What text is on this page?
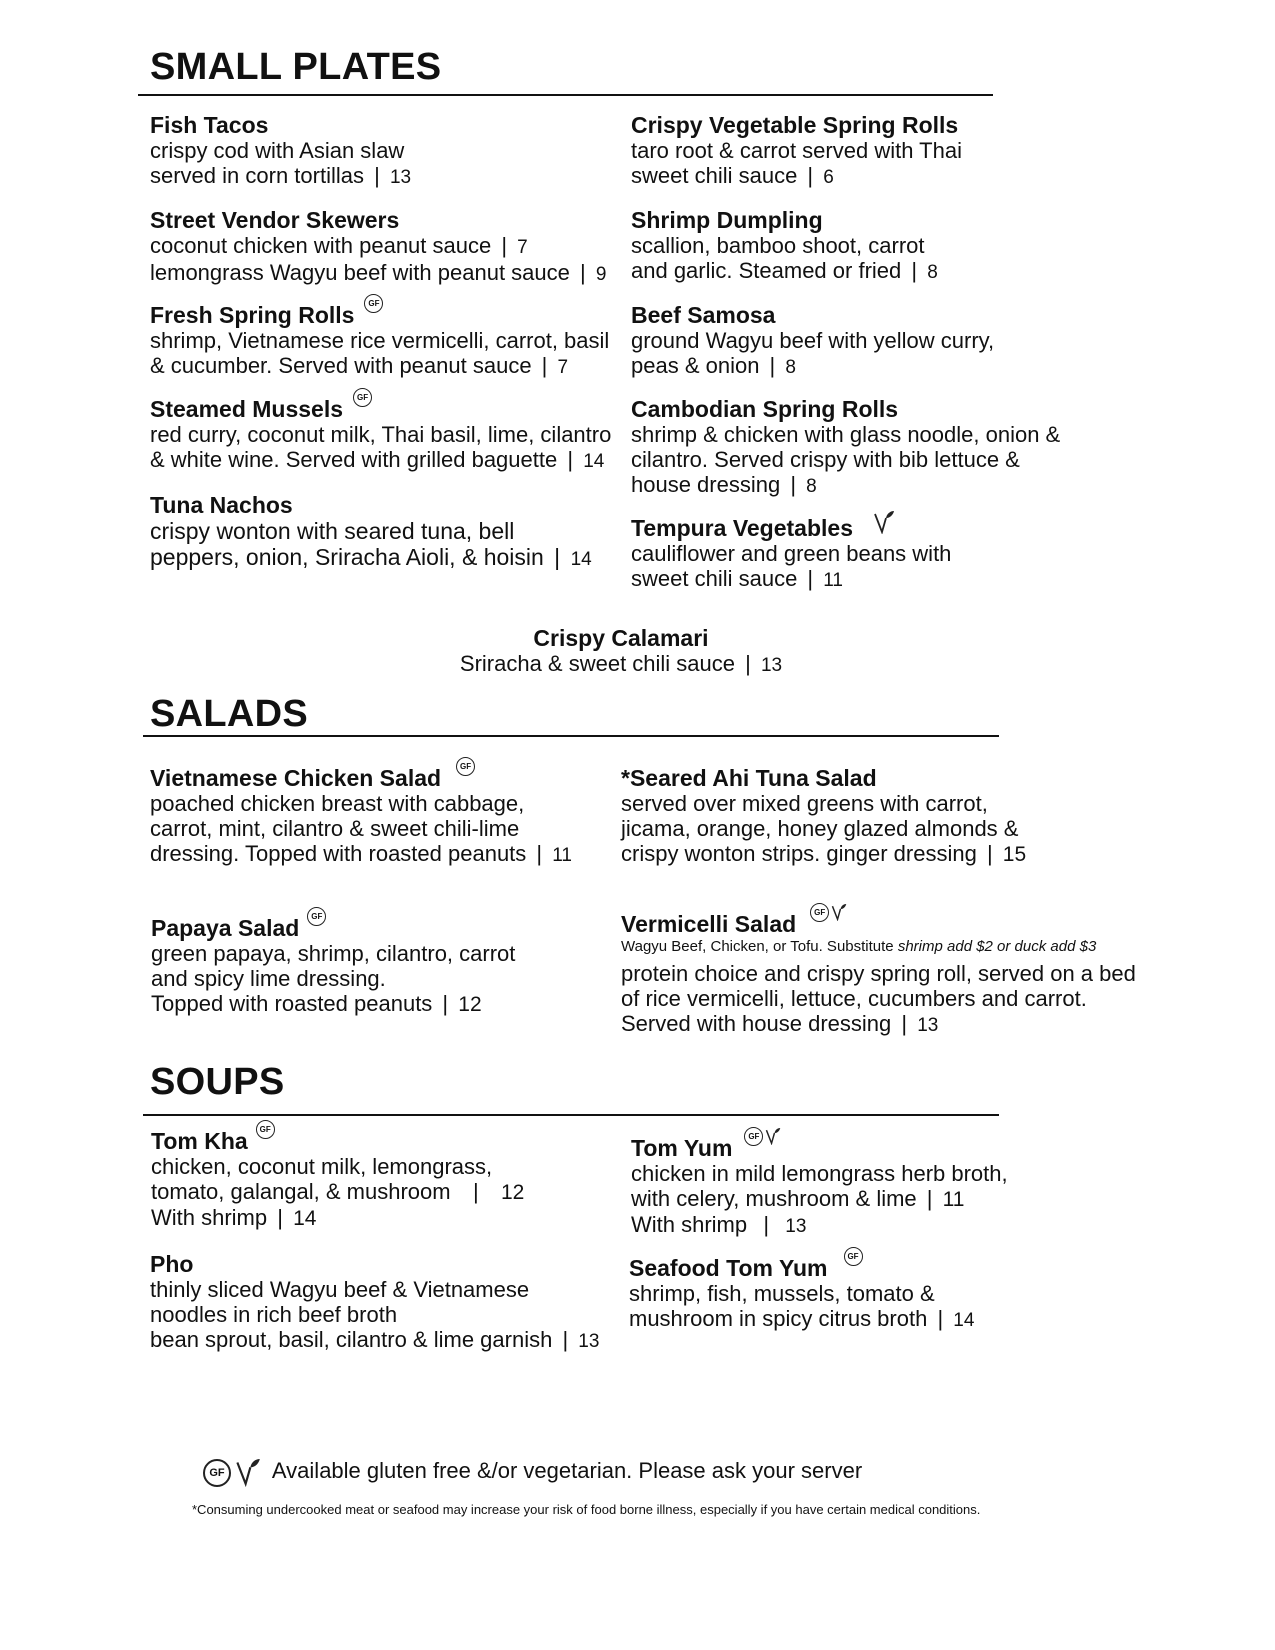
SMALL PLATES
Fish Tacos
crispy cod with Asian slaw
served in corn tortillas | 13
Street Vendor Skewers
coconut chicken with peanut sauce | 7
lemongrass Wagyu beef with peanut sauce | 9
Fresh Spring Rolls GF
shrimp, Vietnamese rice vermicelli, carrot, basil
& cucumber. Served with peanut sauce | 7
Steamed Mussels GF
red curry, coconut milk, Thai basil, lime, cilantro
& white wine. Served with grilled baguette | 14
Tuna Nachos
crispy wonton with seared tuna, bell
peppers, onion, Sriracha Aioli, & hoisin | 14
Crispy Vegetable Spring Rolls
taro root & carrot served with Thai
sweet chili sauce | 6
Shrimp Dumpling
scallion, bamboo shoot, carrot
and garlic. Steamed or fried | 8
Beef Samosa
ground Wagyu beef with yellow curry,
peas & onion | 8
Cambodian Spring Rolls
shrimp & chicken with glass noodle, onion &
cilantro. Served crispy with bib lettuce &
house dressing | 8
Tempura Vegetables
cauliflower and green beans with
sweet chili sauce | 11
Crispy Calamari
Sriracha & sweet chili sauce | 13
SALADS
Vietnamese Chicken Salad GF
poached chicken breast with cabbage,
carrot, mint, cilantro & sweet chili-lime
dressing. Topped with roasted peanuts | 11
*Seared Ahi Tuna Salad
served over mixed greens with carrot,
jicama, orange, honey glazed almonds &
crispy wonton strips. ginger dressing | 15
Papaya Salad GF
green papaya, shrimp, cilantro, carrot
and spicy lime dressing.
Topped with roasted peanuts | 12
Vermicelli Salad GF
Wagyu Beef, Chicken, or Tofu. Substitute shrimp add $2 or duck add $3
protein choice and crispy spring roll, served on a bed
of rice vermicelli, lettuce, cucumbers and carrot.
Served with house dressing | 13
SOUPS
Tom Kha GF
chicken, coconut milk, lemongrass,
tomato, galangal, & mushroom   |   12
With shrimp | 14
Pho
thinly sliced Wagyu beef & Vietnamese
noodles in rich beef broth
bean sprout, basil, cilantro & lime garnish | 13
Tom Yum GF
chicken in mild lemongrass herb broth,
with celery, mushroom & lime | 11
With shrimp  |  13
Seafood Tom Yum GF
shrimp, fish, mussels, tomato &
mushroom in spicy citrus broth | 14
GF Available gluten free &/or vegetarian. Please ask your server
*Consuming undercooked meat or seafood may increase your risk of food borne illness, especially if you have certain medical conditions.
